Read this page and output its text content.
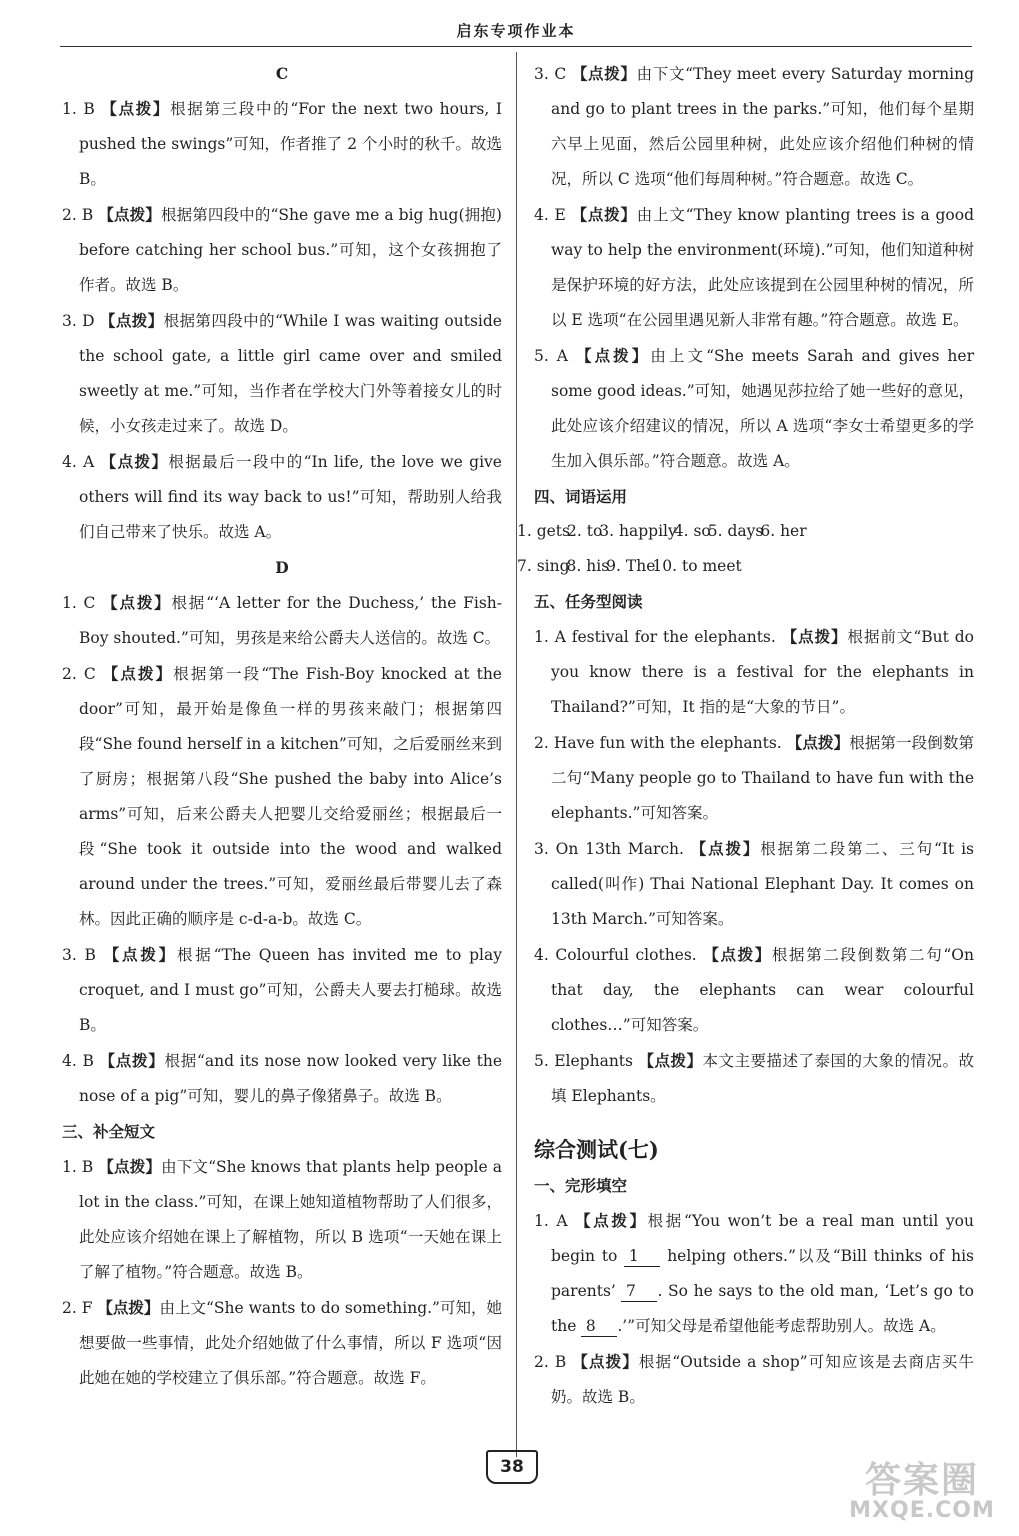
启东专项作业本

C

1. B 【点拨】根据第三段中的“For the next two hours, I pushed the swings”可知，作者推了 2 个小时的秋千。故选 B。

2. B 【点拨】根据第四段中的“She gave me a big hug(拥抱) before catching her school bus.”可知，这个女孩拥抱了作者。故选 B。

3. D 【点拨】根据第四段中的“While I was waiting outside the school gate, a little girl came over and smiled sweetly at me.”可知，当作者在学校大门外等着接女儿的时候，小女孩走过来了。故选 D。

4. A 【点拨】根据最后一段中的“In life, the love we give others will find its way back to us!”可知，帮助别人给我们自己带来了快乐。故选 A。

D

1. C 【点拨】根据“‘A letter for the Duchess,’ the Fish-Boy shouted.”可知，男孩是来给公爵夫人送信的。故选 C。

2. C 【点拨】根据第一段“The Fish-Boy knocked at the door”可知，最开始是像鱼一样的男孩来敲门；根据第四段“She found herself in a kitchen”可知，之后爱丽丝来到了厨房；根据第八段“She pushed the baby into Alice’s arms”可知，后来公爵夫人把婴儿交给爱丽丝；根据最后一段“She took it outside into the wood and walked around under the trees.”可知，爱丽丝最后带婴儿去了森林。因此正确的顺序是 c-d-a-b。故选 C。

3. B 【点拨】根据“The Queen has invited me to play croquet, and I must go”可知，公爵夫人要去打槌球。故选 B。

4. B 【点拨】根据“and its nose now looked very like the nose of a pig”可知，婴儿的鼻子像猪鼻子。故选 B。

三、补全短文

1. B 【点拨】由下文“She knows that plants help people a lot in the class.”可知，在课上她知道植物帮助了人们很多，此处应该介绍她在课上了解植物，所以 B 选项“一天她在课上了解了植物。”符合题意。故选 B。

2. F 【点拨】由上文“She wants to do something.”可知，她想要做一些事情，此处介绍她做了什么事情，所以 F 选项“因此她在她的学校建立了俱乐部。”符合题意。故选 F。

3. C 【点拨】由下文“They meet every Saturday morning and go to plant trees in the parks.”可知，他们每个星期六早上见面，然后公园里种树，此处应该介绍他们种树的情况，所以 C 选项“他们每周种树。”符合题意。故选 C。

4. E 【点拨】由上文“They know planting trees is a good way to help the environment(环境).”可知，他们知道种树是保护环境的好方法，此处应该提到在公园里种树的情况，所以 E 选项“在公园里遇见新人非常有趣。”符合题意。故选 E。

5. A 【点拨】由上文“She meets Sarah and gives her some good ideas.”可知，她遇见莎拉给了她一些好的意见，此处应该介绍建议的情况，所以 A 选项“李女士希望更多的学生加入俱乐部。”符合题意。故选 A。

四、词语运用

1. gets2. to3. happily4. so5. days6. her

7. sing8. his9. The10. to meet

五、任务型阅读

1. A festival for the elephants. 【点拨】根据前文“But do you know there is a festival for the elephants in Thailand?”可知，It 指的是“大象的节日”。

2. Have fun with the elephants. 【点拨】根据第一段倒数第二句“Many people go to Thailand to have fun with the elephants.”可知答案。

3. On 13th March. 【点拨】根据第二段第二、三句“It is called(叫作) Thai National Elephant Day. It comes on 13th March.”可知答案。

4. Colourful clothes. 【点拨】根据第二段倒数第二句“On that day, the elephants can wear colourful clothes…”可知答案。

5. Elephants 【点拨】本文主要描述了泰国的大象的情况。故填 Elephants。

综合测试(七)

一、完形填空

1. A 【点拨】根据“You won’t be a real man until you begin to 1 helping others.”以及“Bill thinks of his parents’ 7 . So he says to the old man, ‘Let’s go to the 8 .’”可知父母是希望他能考虑帮助别人。故选 A。

2. B 【点拨】根据“Outside a shop”可知应该是去商店买牛奶。故选 B。

38	答案圈
MXQE.COM
